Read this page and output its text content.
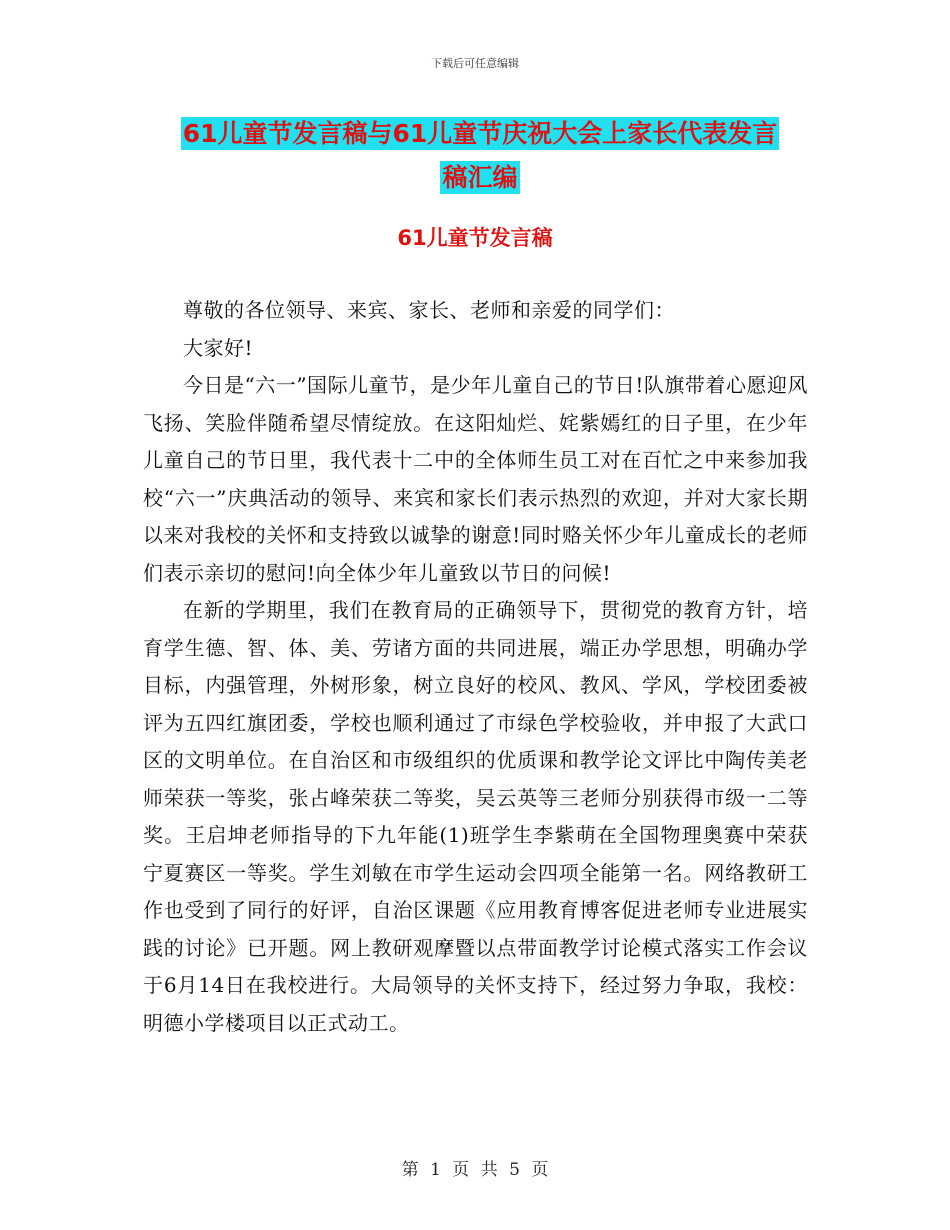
下载后可任意编辑
61儿童节发言稿与61儿童节庆祝大会上家长代表发言
稿汇编
61儿童节发言稿

尊敬的各位领导、来宾、家长、老师和亲爱的同学们：

大家好!

今日是“六一”国际儿童节，是少年儿童自己的节日!队旗带着心愿迎风飞扬、笑脸伴随希望尽情绽放。在这阳灿烂、姹紫嫣红的日子里，在少年儿童自己的节日里，我代表十二中的全体师生员工对在百忙之中来参加我校“六一”庆典活动的领导、来宾和家长们表示热烈的欢迎，并对大家长期以来对我校的关怀和支持致以诚挚的谢意!同时赂关怀少年儿童成长的老师们表示亲切的慰问!向全体少年儿童致以节日的问候!

在新的学期里，我们在教育局的正确领导下，贯彻党的教育方针，培育学生德、智、体、美、劳诸方面的共同进展，端正办学思想，明确办学目标，内强管理，外树形象，树立良好的校风、教风、学风，学校团委被评为五四红旗团委，学校也顺利通过了市绿色学校验收，并申报了大武口区的文明单位。在自治区和市级组织的优质课和教学论文评比中陶传美老师荣获一等奖，张占峰荣获二等奖，吴云英等三老师分别获得市级一二等奖。王启坤老师指导的下九年能(1)班学生李紫萌在全国物理奥赛中荣获宁夏赛区一等奖。学生刘敏在市学生运动会四项全能第一名。网络教研工作也受到了同行的好评，自治区课题《应用教育博客促进老师专业进展实践的讨论》已开题。网上教研观摩暨以点带面教学讨论模式落实工作会议于6月14日在我校进行。大局领导的关怀支持下，经过努力争取，我校：明德小学楼项目以正式动工。

第 1 页 共 5 页
